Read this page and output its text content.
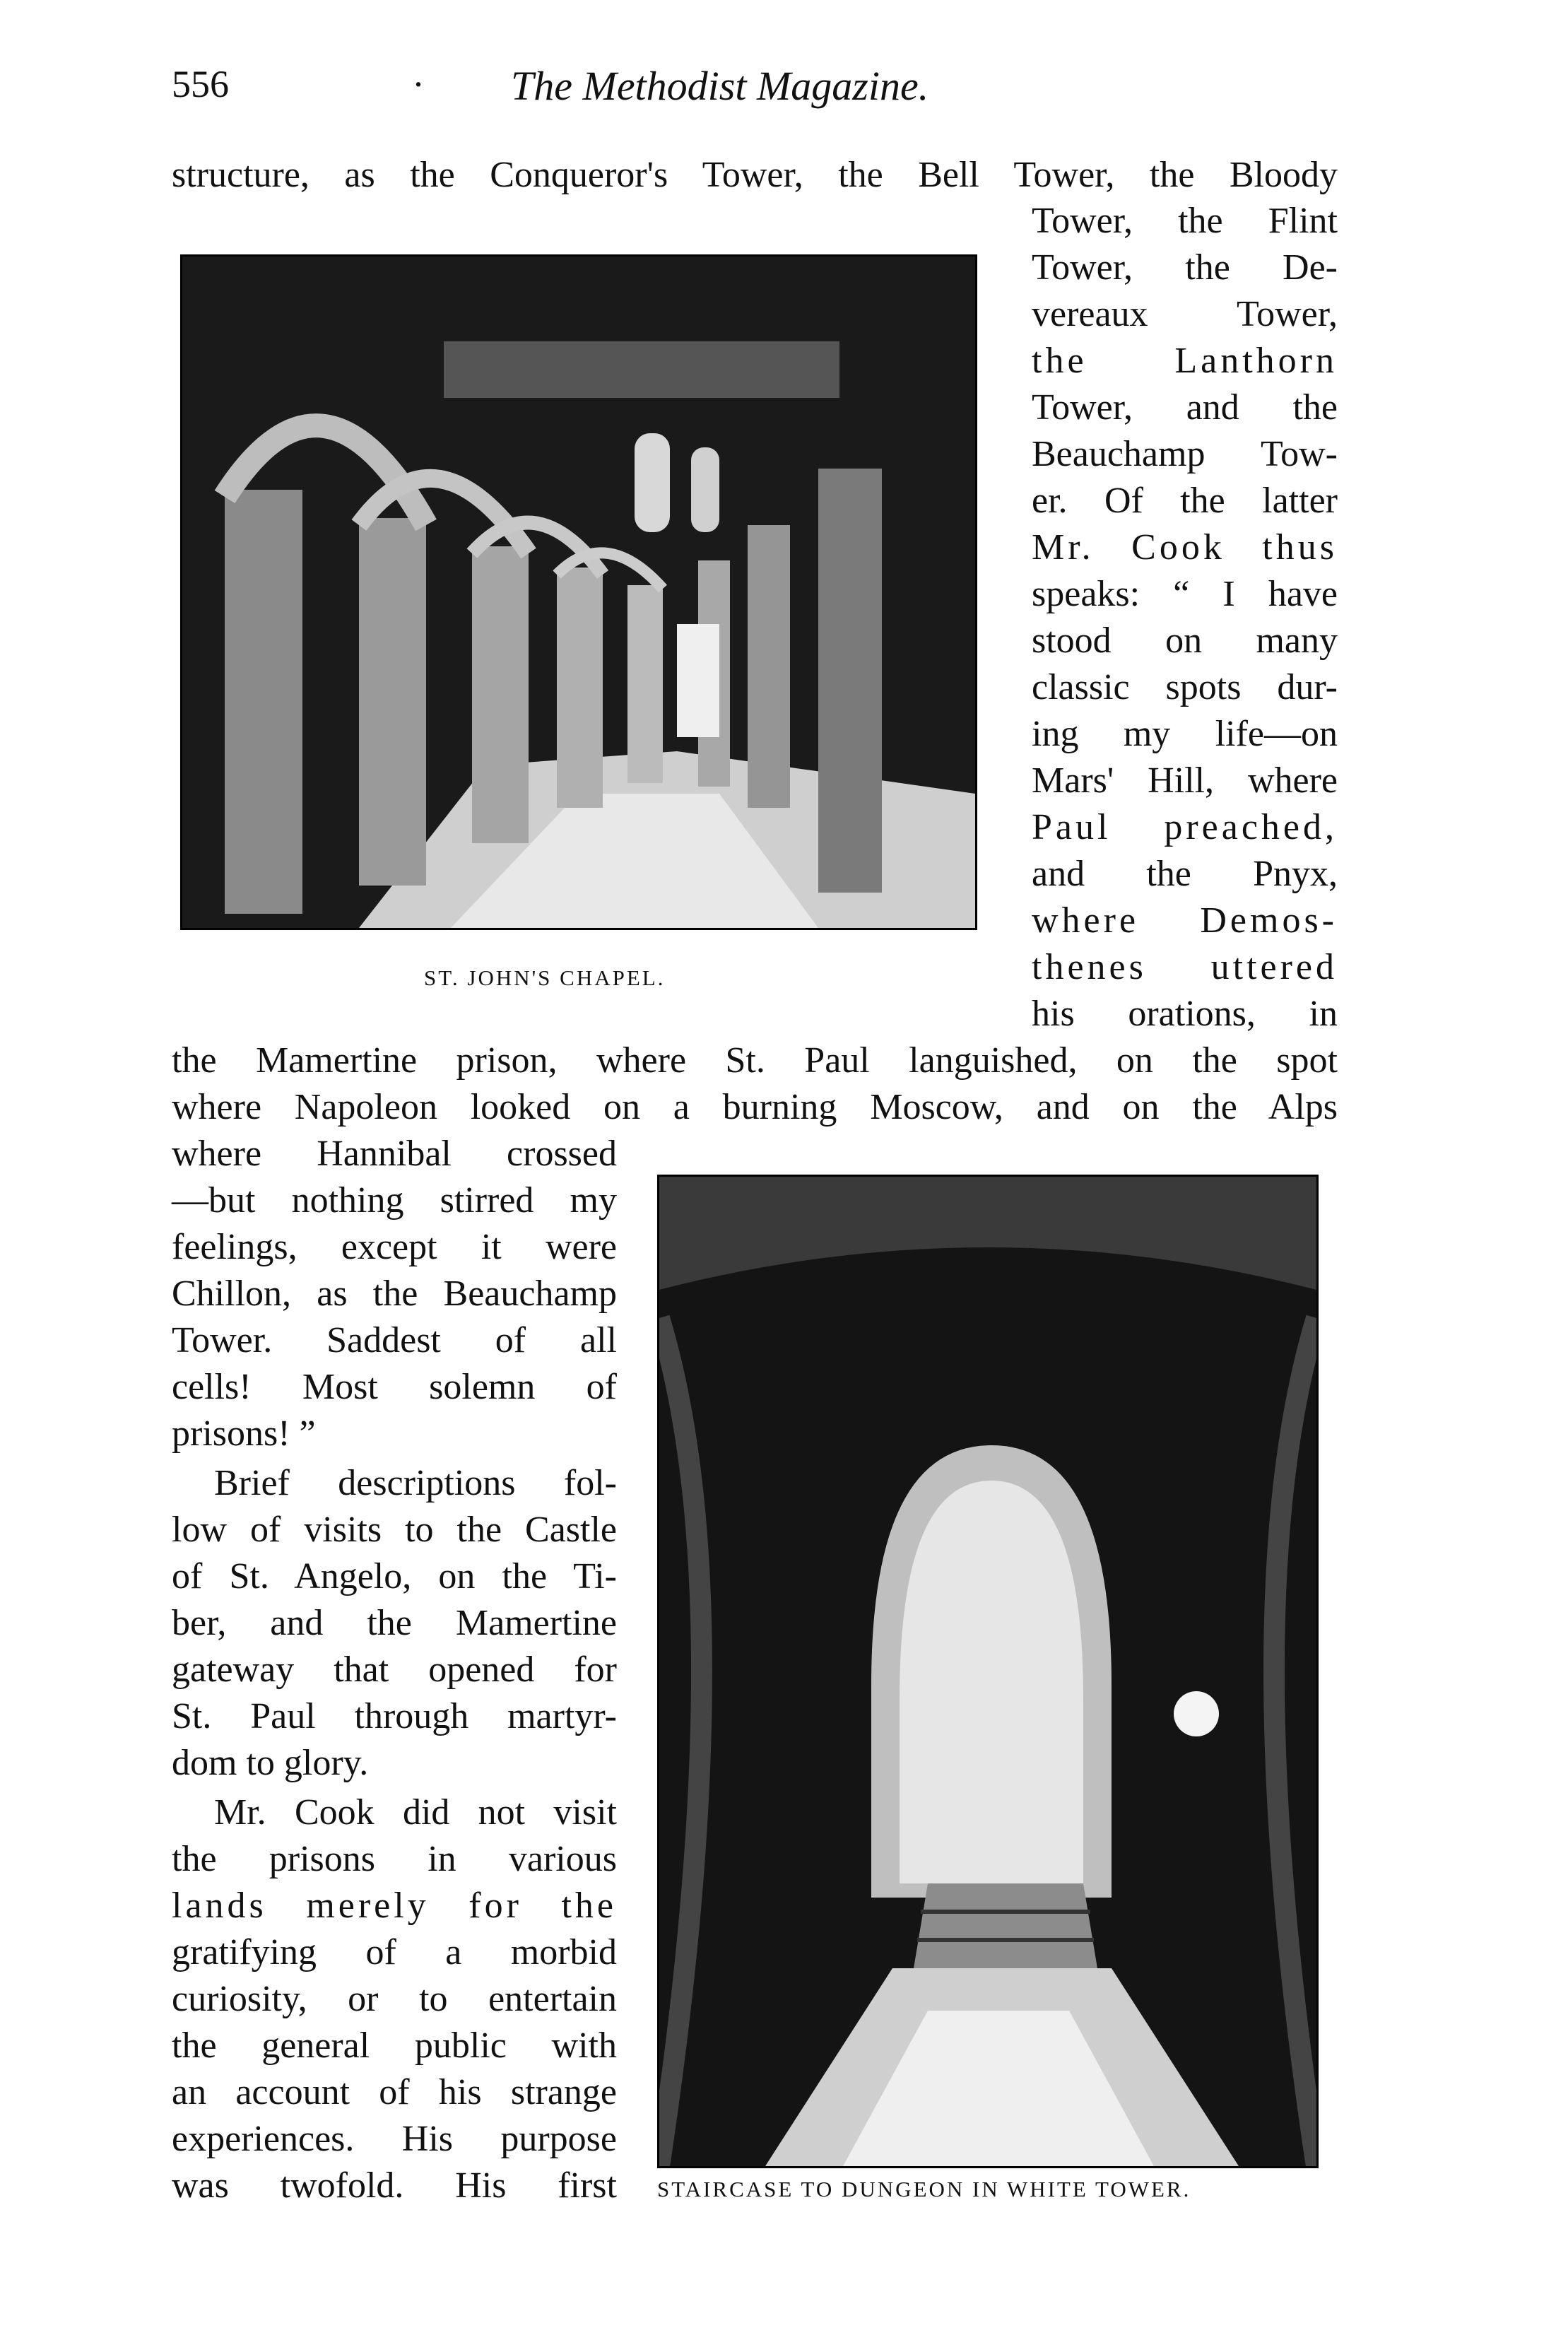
556	· The Methodist Magazine.
structure, as the Conqueror's Tower, the Bell Tower, the Bloody
ST. JOHN'S CHAPEL.
Tower, the Flint
Tower, the De-
vereaux Tower,
the Lanthorn
Tower, and the
Beauchamp Tow-
er. Of the latter
Mr. Cook thus
speaks: “ I have
stood on many
classic spots dur-
ing my life—on
Mars' Hill, where
Paul preached,
and the Pnyx,
where Demos-
thenes uttered
his orations, in
the Mamertine prison, where St. Paul languished, on the spot
where Napoleon looked on a burning Moscow, and on the Alps
STAIRCASE TO DUNGEON IN WHITE TOWER.
where Hannibal crossed
—but nothing stirred my
feelings, except it were
Chillon, as the Beauchamp
Tower. Saddest of all
cells! Most solemn of
prisons! ”
Brief descriptions fol-
low of visits to the Castle
of St. Angelo, on the Ti-
ber, and the Mamertine
gateway that opened for
St. Paul through martyr-
dom to glory.
Mr. Cook did not visit
the prisons in various
lands merely for the
gratifying of a morbid
curiosity, or to entertain
the general public with
an account of his strange
experiences. His purpose
was twofold. His first
